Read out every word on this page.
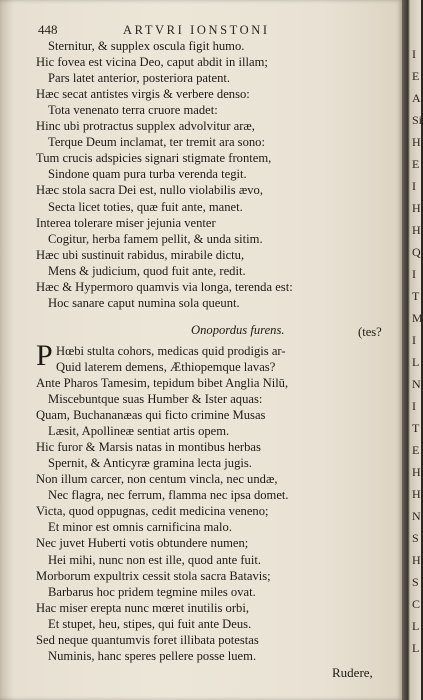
448	ARTVRI IONSTONI
Sternitur, & supplex oscula figit humo.
Hic fovea est vicina Deo, caput abdit in illam;
Pars latet anterior, posteriora patent.
Hæc secat antistes virgis & verbere denso:
Tota venenato terra cruore madet:
Hinc ubi protractus supplex advolvitur aræ,
Terque Deum inclamat, ter tremit ara sono:
Tum crucis adspicies signari stigmate frontem,
Sindone quam pura turba verenda tegit.
Hæc stola sacra Dei est, nullo violabilis ævo,
Secta licet toties, quæ fuit ante, manet.
Interea tolerare miser jejunia venter
Cogitur, herba famem pellit, & unda sitim.
Hæc ubi sustinuit rabidus, mirabile dictu,
Mens & judicium, quod fuit ante, redit.
Hæc & Hypermoro quamvis via longa, terenda est:
Hoc sanare caput numina sola queunt.
Onopordus furens.	(tes?
P Hœbi stulta cohors, medicas quid prodigis ar-
Quid laterem demens, Æthiopemque lavas?
Ante Pharos Tamesim, tepidum bibet Anglia Nilū,
Miscebuntque suas Humber & Ister aquas:
Quam, Buchananæas qui ficto crimine Musas
Læsit, Apollineæ sentiat artis opem.
Hic furor & Marsis natas in montibus herbas
Spernit, & Anticyræ gramina lecta jugis.
Non illum carcer, non centum vincla, nec undæ,
Nec flagra, nec ferrum, flamma nec ipsa domet.
Victa, quod oppugnas, cedit medicina veneno;
Et minor est omnis carnificina malo.
Nec juvet Huberti votis obtundere numen;
Hei mihi, nunc non est ille, quod ante fuit.
Morborum expultrix cessit stola sacra Batavis;
Barbarus hoc pridem tegmine miles ovat.
Hac miser erepta nunc mœret inutilis orbi,
Et stupet, heu, stipes, qui fuit ante Deus.
Sed neque quantumvis foret illibata potestas
Numinis, hanc speres pellere posse luem.
Rudere,
I
E
A
Si
H
E
I
H
H
Q
I
T
M
I
L
N
I
T
E
H
H
N
S
H
S
C
L
L
